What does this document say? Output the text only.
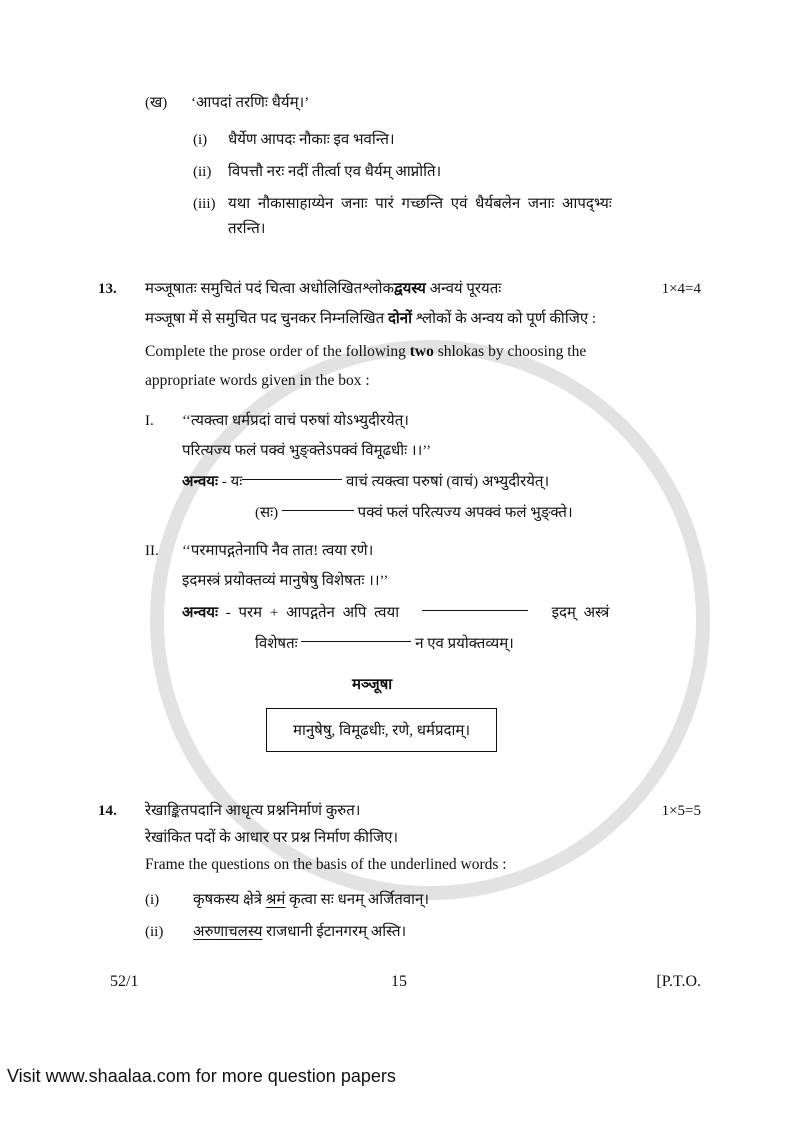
(ख) ‘आपदां तरणिः धैर्यम्।’
(i) धैर्येण आपदः नौकाः इव भवन्ति।
(ii) विपत्तौ नरः नदीं तीर्त्वा एव धैर्यम् आप्नोति।
(iii) यथा नौकासाहाय्येन जनाः पारं गच्छन्ति एवं धैर्यबलेन जनाः आपद्भ्यः
तरन्ति।
13. मञ्जूषातः समुचितं पदं चित्वा अधोलिखितश्लोकद्वयस्य अन्वयं पूरयतः	1×4=4
मञ्जूषा में से समुचित पद चुनकर निम्नलिखित दोनों श्लोकों के अन्वय को पूर्ण कीजिए :
Complete the prose order of the following two shlokas by choosing the
appropriate words given in the box :
I. ‘‘त्यक्त्वा धर्मप्रदां वाचं परुषां योऽभ्युदीरयेत्।
परित्यज्य फलं पक्वं भुङ्क्तेऽपक्वं विमूढधीः ।।’’
अन्वयः - यः	वाचं त्यक्त्वा परुषां (वाचं) अभ्युदीरयेत्।
(सः)	पक्वं फलं परित्यज्य अपक्वं फलं भुङ्क्ते।
II. ‘‘परमापद्गतेनापि नैव तात! त्वया रणे।
इदमस्त्रं प्रयोक्तव्यं मानुषेषु विशेषतः ।।’’
अन्वयः - परम + आपद्गतेन अपि त्वया	इदम् अस्त्रं
विशेषतः	न एव प्रयोक्तव्यम्।
मञ्जूषा
मानुषेषु, विमूढधीः, रणे, धर्मप्रदाम्।
14. रेखाङ्कितपदानि आधृत्य प्रश्ननिर्माणं कुरुत।	1×5=5
रेखांकित पदों के आधार पर प्रश्न निर्माण कीजिए।
Frame the questions on the basis of the underlined words :
(i) कृषकस्य क्षेत्रे श्रमं कृत्वा सः धनम् अर्जितवान्।
(ii) अरुणाचलस्य राजधानी ईटानगरम् अस्ति।
52/1	15	[P.T.O.
Visit www.shaalaa.com for more question papers
